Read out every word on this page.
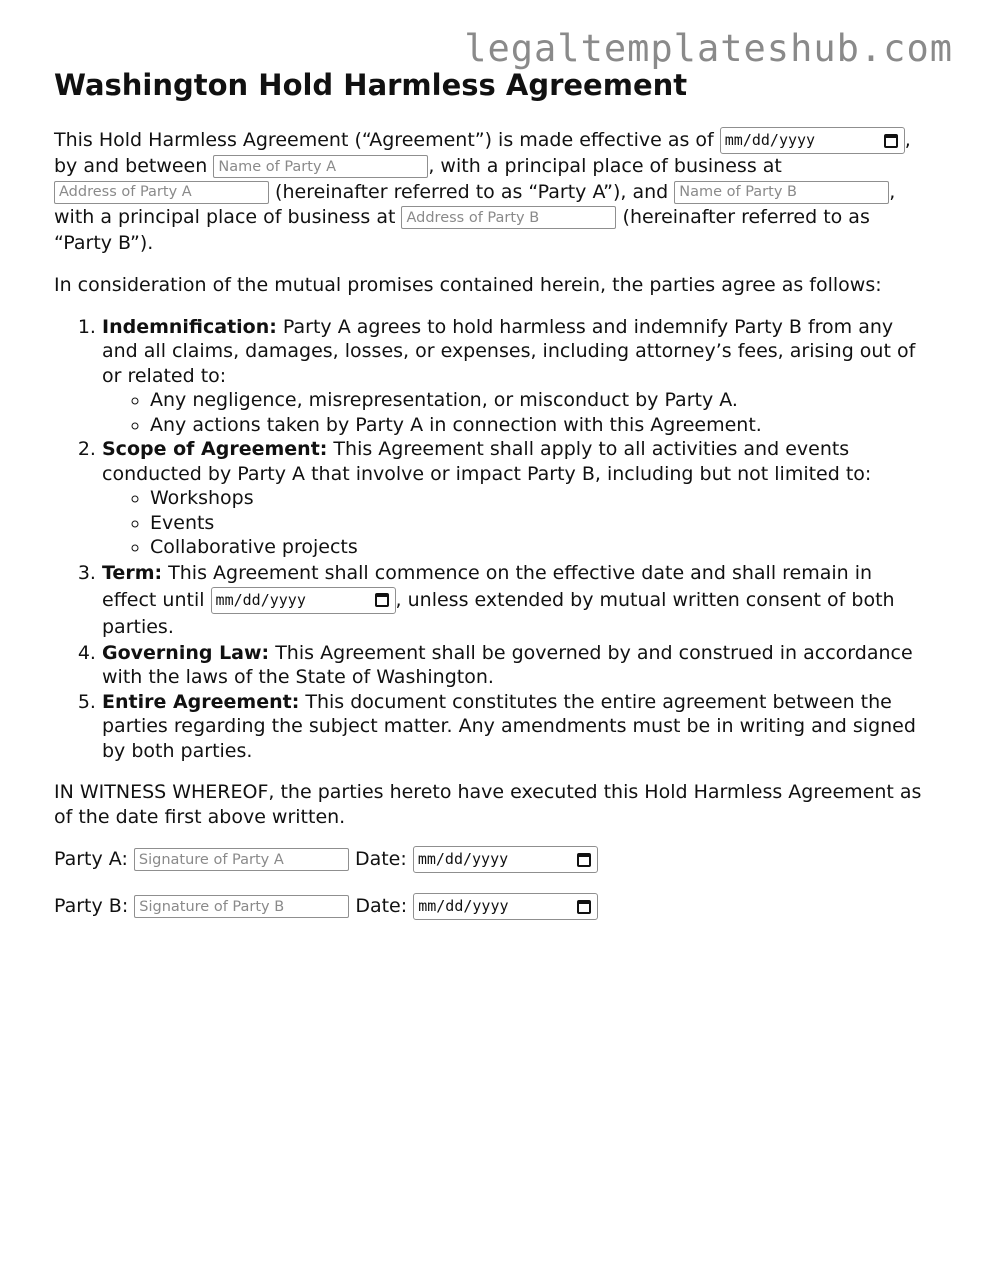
legaltemplateshub.com
Washington Hold Harmless Agreement

This Hold Harmless Agreement (“Agreement”) is made effective as of mm/dd/yyyy	,
by and between Name of Party A	, with a principal place of business at
Address of Party A (hereinafter referred to as “Party A”), and Name of Party B	,
with a principal place of business at Address of Party B	(hereinafter referred to as “Party B”).

In consideration of the mutual promises contained herein, the parties agree as follows:

1. Indemnification: Party A agrees to hold harmless and indemnify Party B from any and all claims, damages, losses, or expenses, including attorney’s fees, arising out of or related to:
◦ Any negligence, misrepresentation, or misconduct by Party A.
◦ Any actions taken by Party A in connection with this Agreement.
2. Scope of Agreement: This Agreement shall apply to all activities and events conducted by Party A that involve or impact Party B, including but not limited to:
◦ Workshops
◦ Events
◦ Collaborative projects
3. Term: This Agreement shall commence on the effective date and shall remain in effect until mm/dd/yyyy	, unless extended by mutual written consent of both parties.
4. Governing Law: This Agreement shall be governed by and construed in accordance with the laws of the State of Washington.
5. Entire Agreement: This document constitutes the entire agreement between the parties regarding the subject matter. Any amendments must be in writing and signed by both parties.

IN WITNESS WHEREOF, the parties hereto have executed this Hold Harmless Agreement as of the date first above written.

Party A: Signature of Party A	Date: mm/dd/yyyy
Party B: Signature of Party B	Date: mm/dd/yyyy
